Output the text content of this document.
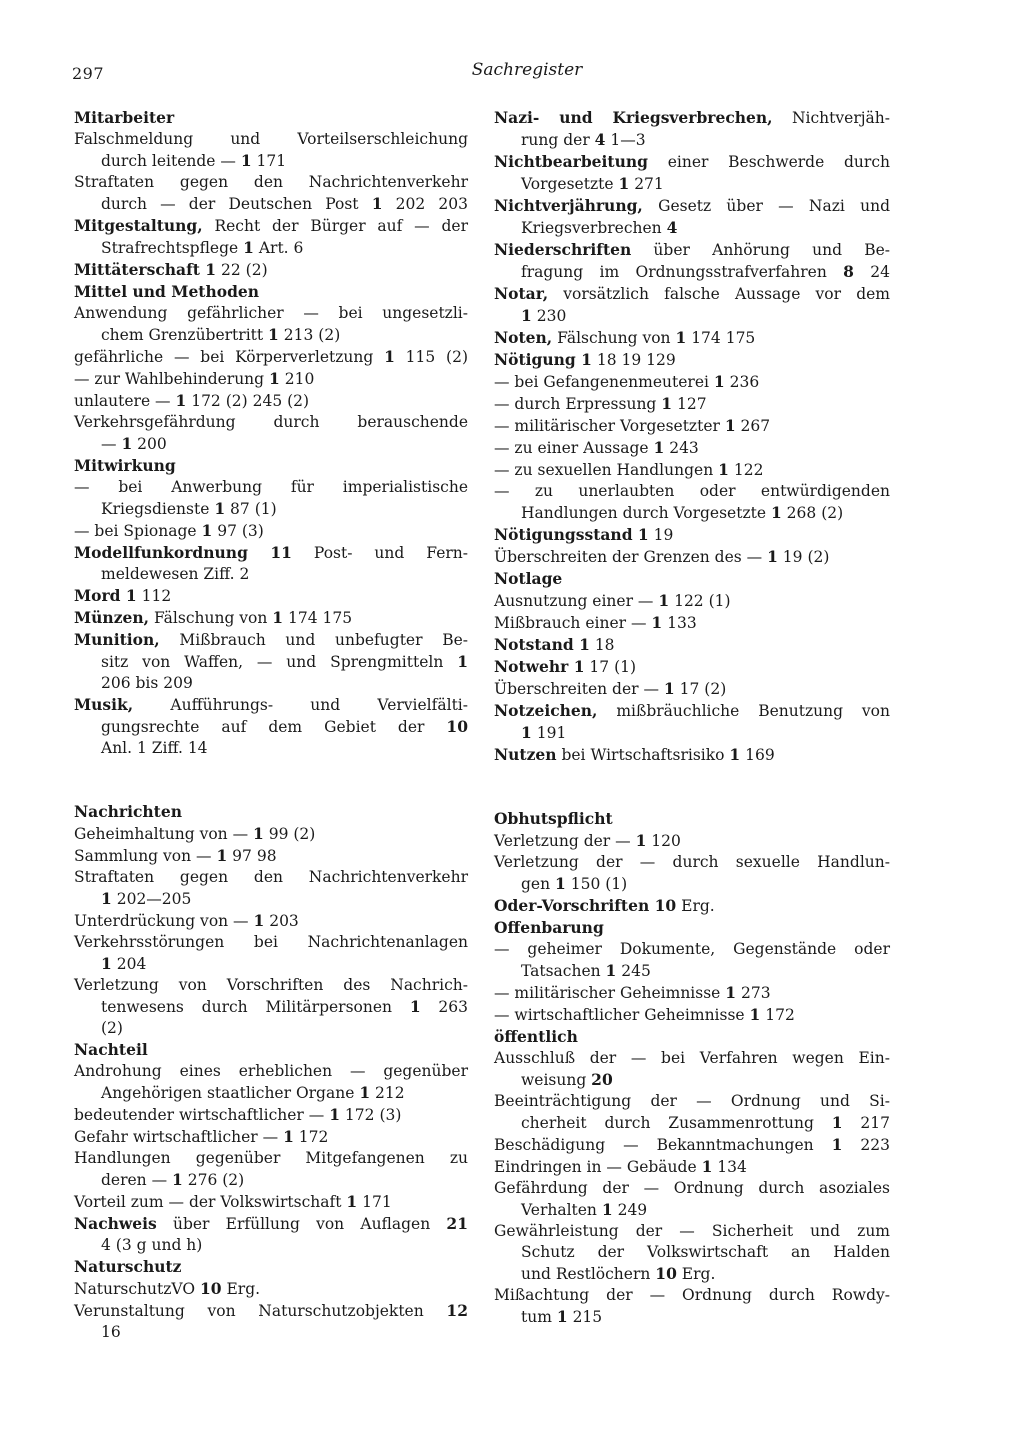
297	Sachregister
Mitarbeiter
Falschmeldung und Vorteilserschleichung
durch leitende — 1 171
Straftaten gegen den Nachrichtenverkehr
durch — der Deutschen Post 1 202 203
Mitgestaltung, Recht der Bürger auf — der
Strafrechtspflege 1 Art. 6
Mittäterschaft 1 22 (2)
Mittel und Methoden
Anwendung gefährlicher — bei ungesetzli-
chem Grenzübertritt 1 213 (2)
gefährliche — bei Körperverletzung 1 115 (2)
— zur Wahlbehinderung 1 210
unlautere — 1 172 (2) 245 (2)
Verkehrsgefährdung durch berauschende
— 1 200
Mitwirkung
— bei Anwerbung für imperialistische
Kriegsdienste 1 87 (1)
— bei Spionage 1 97 (3)
Modellfunkordnung 11 Post- und Fern-
meldewesen Ziff. 2
Mord 1 112
Münzen, Fälschung von 1 174 175
Munition, Mißbrauch und unbefugter Be-
sitz von Waffen, — und Sprengmitteln 1
206 bis 209
Musik, Aufführungs- und Vervielfälti-
gungsrechte auf dem Gebiet der 10
Anl. 1 Ziff. 14
Nachrichten
Geheimhaltung von — 1 99 (2)
Sammlung von — 1 97 98
Straftaten gegen den Nachrichtenverkehr
1 202—205
Unterdrückung von — 1 203
Verkehrsstörungen bei Nachrichtenanlagen
1 204
Verletzung von Vorschriften des Nachrich-
tenwesens durch Militärpersonen 1 263
(2)
Nachteil
Androhung eines erheblichen — gegenüber
Angehörigen staatlicher Organe 1 212
bedeutender wirtschaftlicher — 1 172 (3)
Gefahr wirtschaftlicher — 1 172
Handlungen gegenüber Mitgefangenen zu
deren — 1 276 (2)
Vorteil zum — der Volkswirtschaft 1 171
Nachweis über Erfüllung von Auflagen 21
4 (3 g und h)
Naturschutz
NaturschutzVO 10 Erg.
Verunstaltung von Naturschutzobjekten 12
16
Nazi- und Kriegsverbrechen, Nichtverjäh-
rung der 4 1—3
Nichtbearbeitung einer Beschwerde durch
Vorgesetzte 1 271
Nichtverjährung, Gesetz über — Nazi und
Kriegsverbrechen 4
Niederschriften über Anhörung und Be-
fragung im Ordnungsstrafverfahren 8 24
Notar, vorsätzlich falsche Aussage vor dem
1 230
Noten, Fälschung von 1 174 175
Nötigung 1 18 19 129
— bei Gefangenenmeuterei 1 236
— durch Erpressung 1 127
— militärischer Vorgesetzter 1 267
— zu einer Aussage 1 243
— zu sexuellen Handlungen 1 122
— zu unerlaubten oder entwürdigenden
Handlungen durch Vorgesetzte 1 268 (2)
Nötigungsstand 1 19
Überschreiten der Grenzen des — 1 19 (2)
Notlage
Ausnutzung einer — 1 122 (1)
Mißbrauch einer — 1 133
Notstand 1 18
Notwehr 1 17 (1)
Überschreiten der — 1 17 (2)
Notzeichen, mißbräuchliche Benutzung von
1 191
Nutzen bei Wirtschaftsrisiko 1 169
Obhutspflicht
Verletzung der — 1 120
Verletzung der — durch sexuelle Handlun-
gen 1 150 (1)
Oder-Vorschriften 10 Erg.
Offenbarung
— geheimer Dokumente, Gegenstände oder
Tatsachen 1 245
— militärischer Geheimnisse 1 273
— wirtschaftlicher Geheimnisse 1 172
öffentlich
Ausschluß der — bei Verfahren wegen Ein-
weisung 20
Beeinträchtigung der — Ordnung und Si-
cherheit durch Zusammenrottung 1 217
Beschädigung — Bekanntmachungen 1 223
Eindringen in — Gebäude 1 134
Gefährdung der — Ordnung durch asoziales
Verhalten 1 249
Gewährleistung der — Sicherheit und zum
Schutz der Volkswirtschaft an Halden
und Restlöchern 10 Erg.
Mißachtung der — Ordnung durch Rowdy-
tum 1 215
